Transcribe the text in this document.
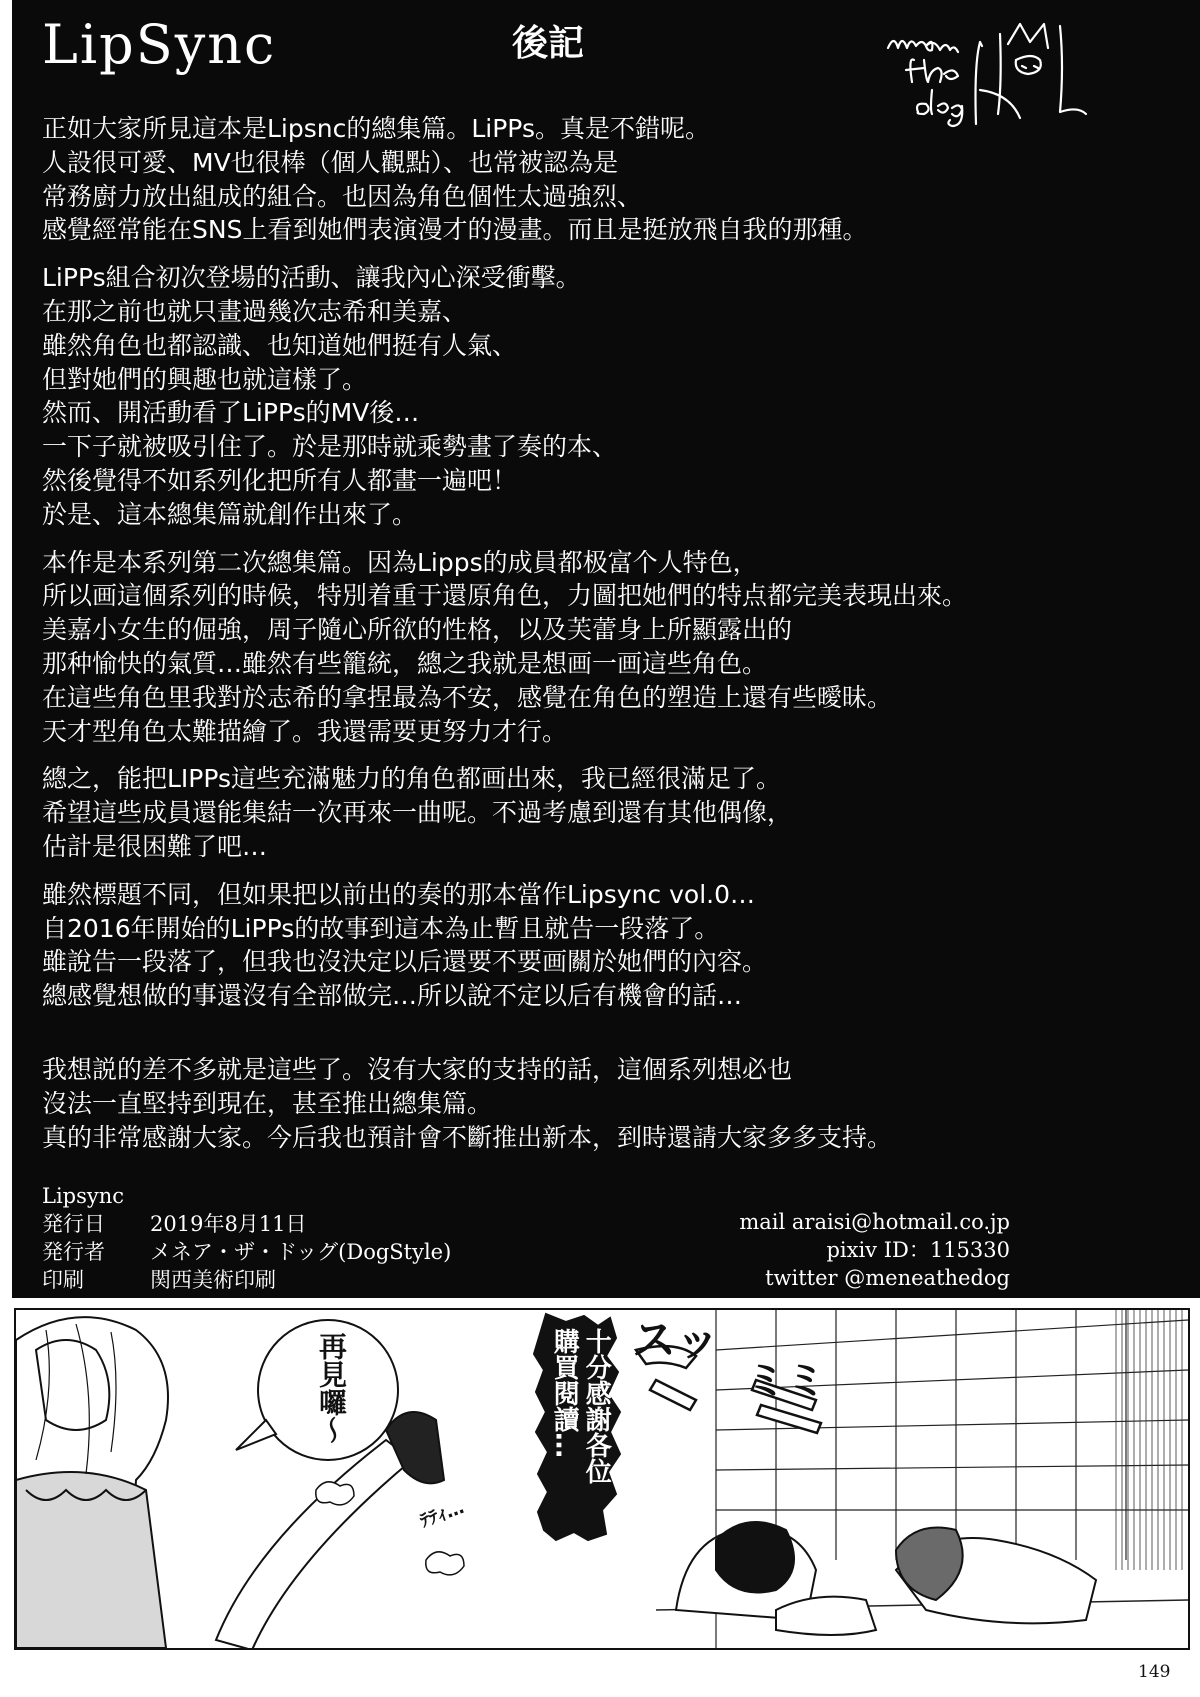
LipSync	後記
正如大家所見這本是Lipsnc的總集篇。LiPPs。真是不錯呢。
人設很可愛、MV也很棒（個人觀點）、也常被認為是
常務廚力放出組成的組合。也因為角色個性太過強烈、
感覺經常能在SNS上看到她們表演漫才的漫畫。而且是挺放飛自我的那種。
LiPPs組合初次登場的活動、讓我內心深受衝擊。
在那之前也就只畫過幾次志希和美嘉、
雖然角色也都認識、也知道她們挺有人氣、
但對她們的興趣也就這樣了。
然而、開活動看了LiPPs的MV後…
一下子就被吸引住了。於是那時就乘勢畫了奏的本、
然後覺得不如系列化把所有人都畫一遍吧！
於是、這本總集篇就創作出來了。
本作是本系列第二次總集篇。因為Lipps的成員都极富个人特色，
所以画這個系列的時候，特別着重于還原角色，力圖把她們的特点都完美表現出來。
美嘉小女生的倔強，周子隨心所欲的性格，以及芙蕾身上所顯露出的
那种愉快的氣質…雖然有些籠統，總之我就是想画一画這些角色。
在這些角色里我對於志希的拿捏最為不安，感覺在角色的塑造上還有些曖昧。
天才型角色太難描繪了。我還需要更努力才行。
總之，能把LIPPs這些充滿魅力的角色都画出來，我已經很滿足了。
希望這些成員還能集結一次再來一曲呢。不過考慮到還有其他偶像，
估計是很困難了吧…
雖然標題不同，但如果把以前出的奏的那本當作Lipsync vol.0…
自2016年開始的LiPPs的故事到這本為止暫且就告一段落了。
雖說告一段落了，但我也沒決定以后還要不要画關於她們的內容。
總感覺想做的事還沒有全部做完…所以說不定以后有機會的話…
我想説的差不多就是這些了。沒有大家的支持的話，這個系列想必也
沒法一直堅持到現在，甚至推出總集篇。
真的非常感謝大家。今后我也預計會不斷推出新本，到時還請大家多多支持。
Lipsync
発行日 2019年8月11日
発行者 メネア・ザ・ドッグ(DogStyle)
印刷	関西美術印刷
mail araisi@hotmail.co.jp
pixiv ID：115330
twitter @meneathedog
再見囉～	十分感謝各位
購買閱讀… スッ
ミミ
ﾃﾃｨ…
149
